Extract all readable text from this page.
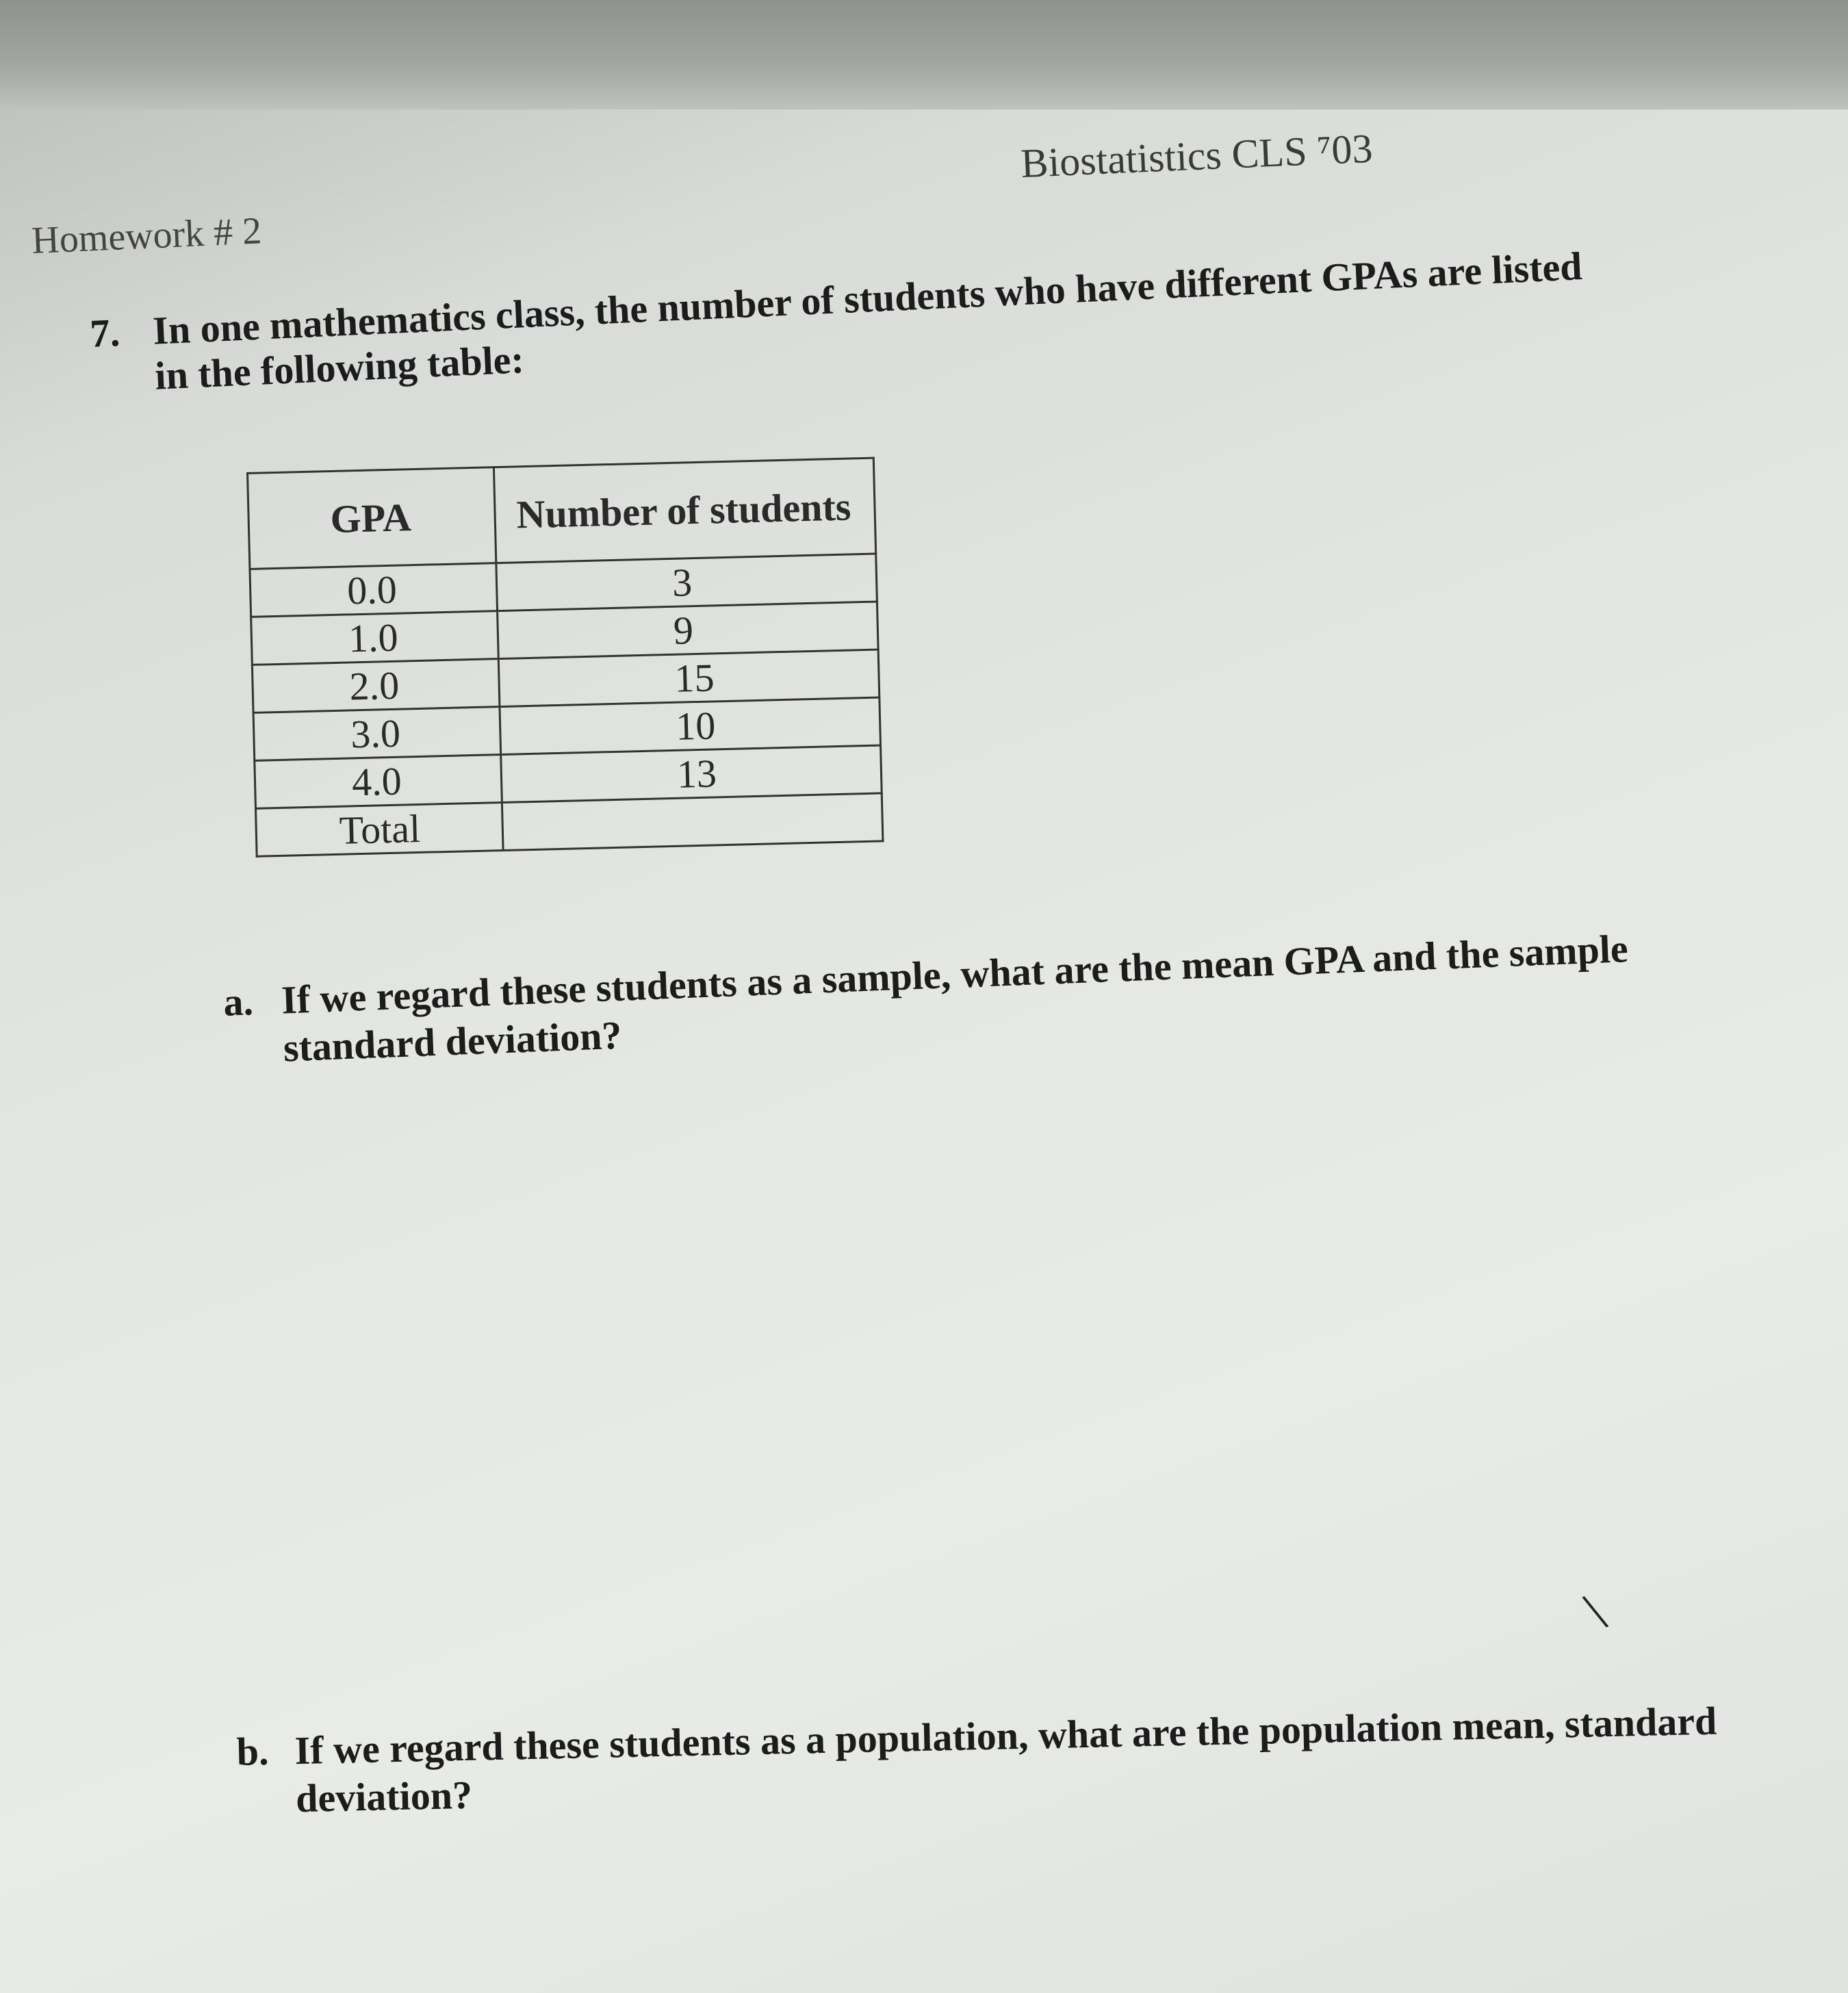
Biostatistics CLS ⁷03
Homework # 2
7. In one mathematics class, the number of students who have different GPAs are listed in the following table:
GPA	Number of students
0.0	3
1.0	9
2.0	15
3.0	10
4.0	13
Total	
a. If we regard these students as a sample, what are the mean GPA and the sample standard deviation?
\
b. If we regard these students as a population, what are the population mean, standard deviation?
